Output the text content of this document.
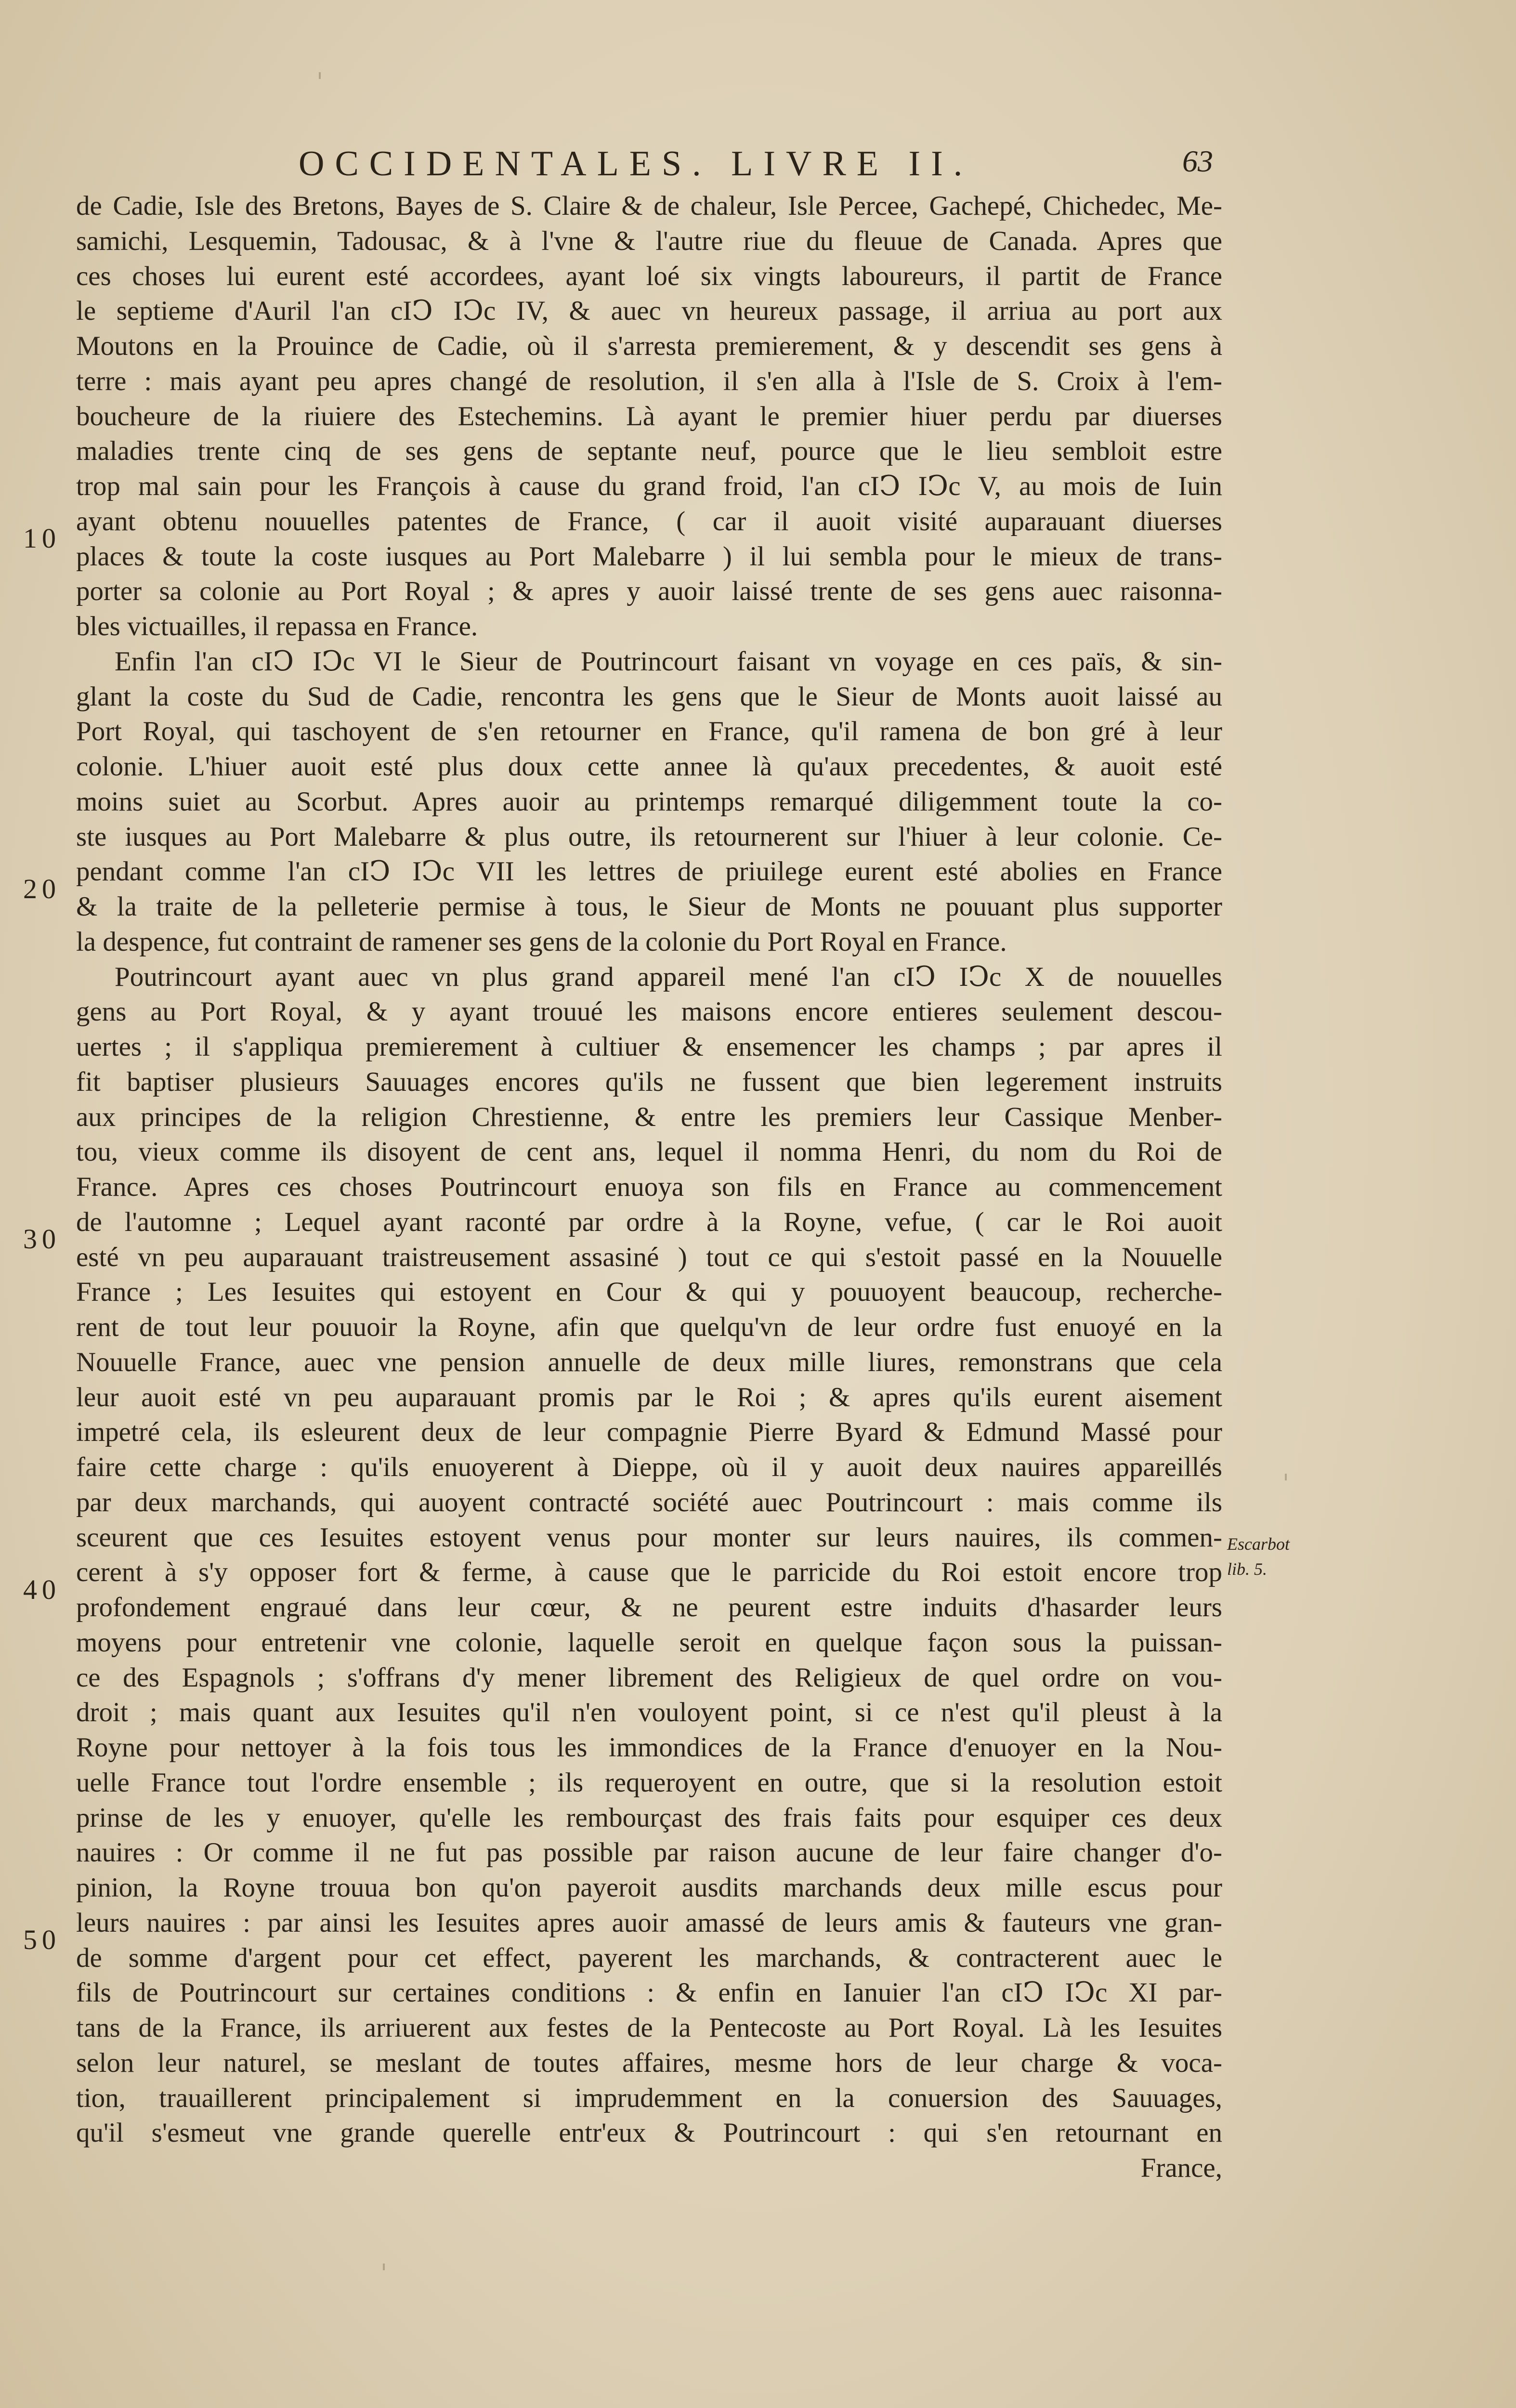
OCCIDENTALES. LIVRE II.	63
de Cadie, Isle des Bretons, Bayes de S. Claire & de chaleur, Isle Percee, Gachepé, Chichedec, Me-
samichi, Lesquemin, Tadousac, & à l'vne & l'autre riue du fleuue de Canada. Apres que
ces choses lui eurent esté accordees, ayant loé six vingts laboureurs, il partit de France
le septieme d'Auril l'an cIↃ IↃc IV, & auec vn heureux passage, il arriua au port aux
Moutons en la Prouince de Cadie, où il s'arresta premierement, & y descendit ses gens à
terre : mais ayant peu apres changé de resolution, il s'en alla à l'Isle de S. Croix à l'em-
boucheure de la riuiere des Estechemins. Là ayant le premier hiuer perdu par diuerses
maladies trente cinq de ses gens de septante neuf, pource que le lieu sembloit estre
trop mal sain pour les François à cause du grand froid, l'an cIↃ IↃc V, au mois de Iuin
ayant obtenu nouuelles patentes de France, ( car il auoit visité auparauant diuerses
places & toute la coste iusques au Port Malebarre ) il lui sembla pour le mieux de trans-
porter sa colonie au Port Royal ; & apres y auoir laissé trente de ses gens auec raisonna-
bles victuailles, il repassa en France.
Enfin l'an cIↃ IↃc VI le Sieur de Poutrincourt faisant vn voyage en ces païs, & sin-
glant la coste du Sud de Cadie, rencontra les gens que le Sieur de Monts auoit laissé au
Port Royal, qui taschoyent de s'en retourner en France, qu'il ramena de bon gré à leur
colonie. L'hiuer auoit esté plus doux cette annee là qu'aux precedentes, & auoit esté
moins suiet au Scorbut. Apres auoir au printemps remarqué diligemment toute la co-
ste iusques au Port Malebarre & plus outre, ils retournerent sur l'hiuer à leur colonie. Ce-
pendant comme l'an cIↃ IↃc VII les lettres de priuilege eurent esté abolies en France
& la traite de la pelleterie permise à tous, le Sieur de Monts ne pouuant plus supporter
la despence, fut contraint de ramener ses gens de la colonie du Port Royal en France.
Poutrincourt ayant auec vn plus grand appareil mené l'an cIↃ IↃc X de nouuelles
gens au Port Royal, & y ayant trouué les maisons encore entieres seulement descou-
uertes ; il s'appliqua premierement à cultiuer & ensemencer les champs ; par apres il
fit baptiser plusieurs Sauuages encores qu'ils ne fussent que bien legerement instruits
aux principes de la religion Chrestienne, & entre les premiers leur Cassique Menber-
tou, vieux comme ils disoyent de cent ans, lequel il nomma Henri, du nom du Roi de
France. Apres ces choses Poutrincourt enuoya son fils en France au commencement
de l'automne ; Lequel ayant raconté par ordre à la Royne, vefue, ( car le Roi auoit
esté vn peu auparauant traistreusement assasiné ) tout ce qui s'estoit passé en la Nouuelle
France ; Les Iesuites qui estoyent en Cour & qui y pouuoyent beaucoup, recherche-
rent de tout leur pouuoir la Royne, afin que quelqu'vn de leur ordre fust enuoyé en la
Nouuelle France, auec vne pension annuelle de deux mille liures, remonstrans que cela
leur auoit esté vn peu auparauant promis par le Roi ; & apres qu'ils eurent aisement
impetré cela, ils esleurent deux de leur compagnie Pierre Byard & Edmund Massé pour
faire cette charge : qu'ils enuoyerent à Dieppe, où il y auoit deux nauires appareillés
par deux marchands, qui auoyent contracté société auec Poutrincourt : mais comme ils
sceurent que ces Iesuites estoyent venus pour monter sur leurs nauires, ils commen-
cerent à s'y opposer fort & ferme, à cause que le parricide du Roi estoit encore trop
profondement engraué dans leur cœur, & ne peurent estre induits d'hasarder leurs
moyens pour entretenir vne colonie, laquelle seroit en quelque façon sous la puissan-
ce des Espagnols ; s'offrans d'y mener librement des Religieux de quel ordre on vou-
droit ; mais quant aux Iesuites qu'il n'en vouloyent point, si ce n'est qu'il pleust à la
Royne pour nettoyer à la fois tous les immondices de la France d'enuoyer en la Nou-
uelle France tout l'ordre ensemble ; ils requeroyent en outre, que si la resolution estoit
prinse de les y enuoyer, qu'elle les rembourçast des frais faits pour esquiper ces deux
nauires : Or comme il ne fut pas possible par raison aucune de leur faire changer d'o-
pinion, la Royne trouua bon qu'on payeroit ausdits marchands deux mille escus pour
leurs nauires : par ainsi les Iesuites apres auoir amassé de leurs amis & fauteurs vne gran-
de somme d'argent pour cet effect, payerent les marchands, & contracterent auec le
fils de Poutrincourt sur certaines conditions : & enfin en Ianuier l'an cIↃ IↃc XI par-
tans de la France, ils arriuerent aux festes de la Pentecoste au Port Royal. Là les Iesuites
selon leur naturel, se meslant de toutes affaires, mesme hors de leur charge & voca-
tion, trauaillerent principalement si imprudemment en la conuersion des Sauuages,
qu'il s'esmeut vne grande querelle entr'eux & Poutrincourt : qui s'en retournant en
France,
10
20
30
40
50
Escarbot
lib. 5.
